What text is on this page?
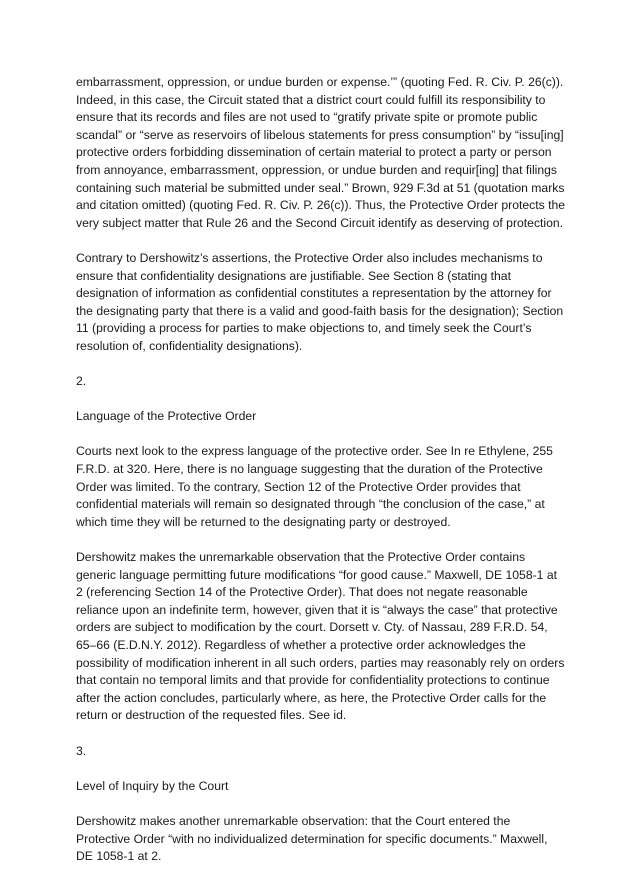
embarrassment, oppression, or undue burden or expense.’” (quoting Fed. R. Civ. P. 26(c)). Indeed, in this case, the Circuit stated that a district court could fulfill its responsibility to ensure that its records and files are not used to “gratify private spite or promote public scandal” or “serve as reservoirs of libelous statements for press consumption” by “issu[ing] protective orders forbidding dissemination of certain material to protect a party or person from annoyance, embarrassment, oppression, or undue burden and requir[ing] that filings containing such material be submitted under seal.” Brown, 929 F.3d at 51 (quotation marks and citation omitted) (quoting Fed. R. Civ. P. 26(c)). Thus, the Protective Order protects the very subject matter that Rule 26 and the Second Circuit identify as deserving of protection.

Contrary to Dershowitz’s assertions, the Protective Order also includes mechanisms to ensure that confidentiality designations are justifiable. See Section 8 (stating that designation of information as confidential constitutes a representation by the attorney for the designating party that there is a valid and good-faith basis for the designation); Section 11 (providing a process for parties to make objections to, and timely seek the Court’s resolution of, confidentiality designations).

2.

Language of the Protective Order

Courts next look to the express language of the protective order. See In re Ethylene, 255 F.R.D. at 320. Here, there is no language suggesting that the duration of the Protective Order was limited. To the contrary, Section 12 of the Protective Order provides that confidential materials will remain so designated through “the conclusion of the case,” at which time they will be returned to the designating party or destroyed.

Dershowitz makes the unremarkable observation that the Protective Order contains generic language permitting future modifications “for good cause.” Maxwell, DE 1058-1 at 2 (referencing Section 14 of the Protective Order). That does not negate reasonable reliance upon an indefinite term, however, given that it is “always the case” that protective orders are subject to modification by the court. Dorsett v. Cty. of Nassau, 289 F.R.D. 54, 65–66 (E.D.N.Y. 2012). Regardless of whether a protective order acknowledges the possibility of modification inherent in all such orders, parties may reasonably rely on orders that contain no temporal limits and that provide for confidentiality protections to continue after the action concludes, particularly where, as here, the Protective Order calls for the return or destruction of the requested files. See id.

3.

Level of Inquiry by the Court

Dershowitz makes another unremarkable observation: that the Court entered the Protective Order “with no individualized determination for specific documents.” Maxwell, DE 1058-1 at 2.
